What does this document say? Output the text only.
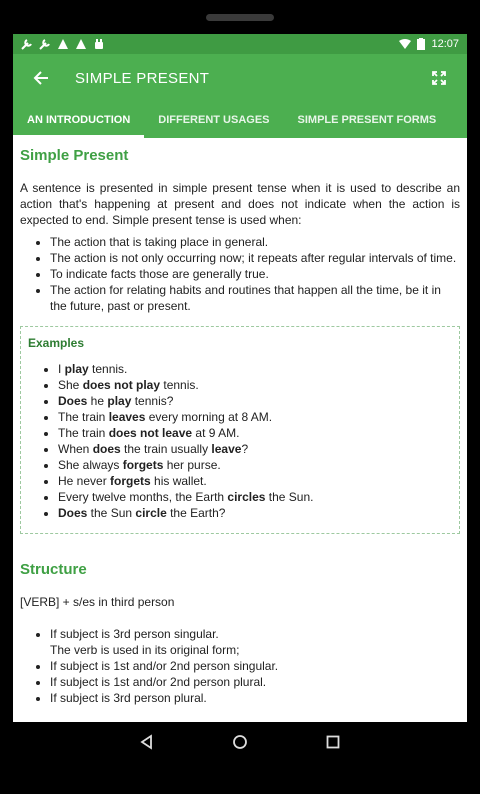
12:07
SIMPLE PRESENT
AN INTRODUCTION	DIFFERENT USAGES	SIMPLE PRESENT FORMS
Simple Present

A sentence is presented in simple present tense when it is used to describe an action that's happening at present and does not indicate when the action is expected to end. Simple present tense is used when:

• The action that is taking place in general.
• The action is not only occurring now; it repeats after regular intervals of time.
• To indicate facts those are generally true.
• The action for relating habits and routines that happen all the time, be it in the future, past or present.
Examples
• I play tennis.
• She does not play tennis.
• Does he play tennis?
• The train leaves every morning at 8 AM.
• The train does not leave at 9 AM.
• When does the train usually leave?
• She always forgets her purse.
• He never forgets his wallet.
• Every twelve months, the Earth circles the Sun.
• Does the Sun circle the Earth?
Structure
[VERB] + s/es in third person
• If subject is 3rd person singular.
The verb is used in its original form;
• If subject is 1st and/or 2nd person singular.
• If subject is 1st and/or 2nd person plural.
• If subject is 3rd person plural.
